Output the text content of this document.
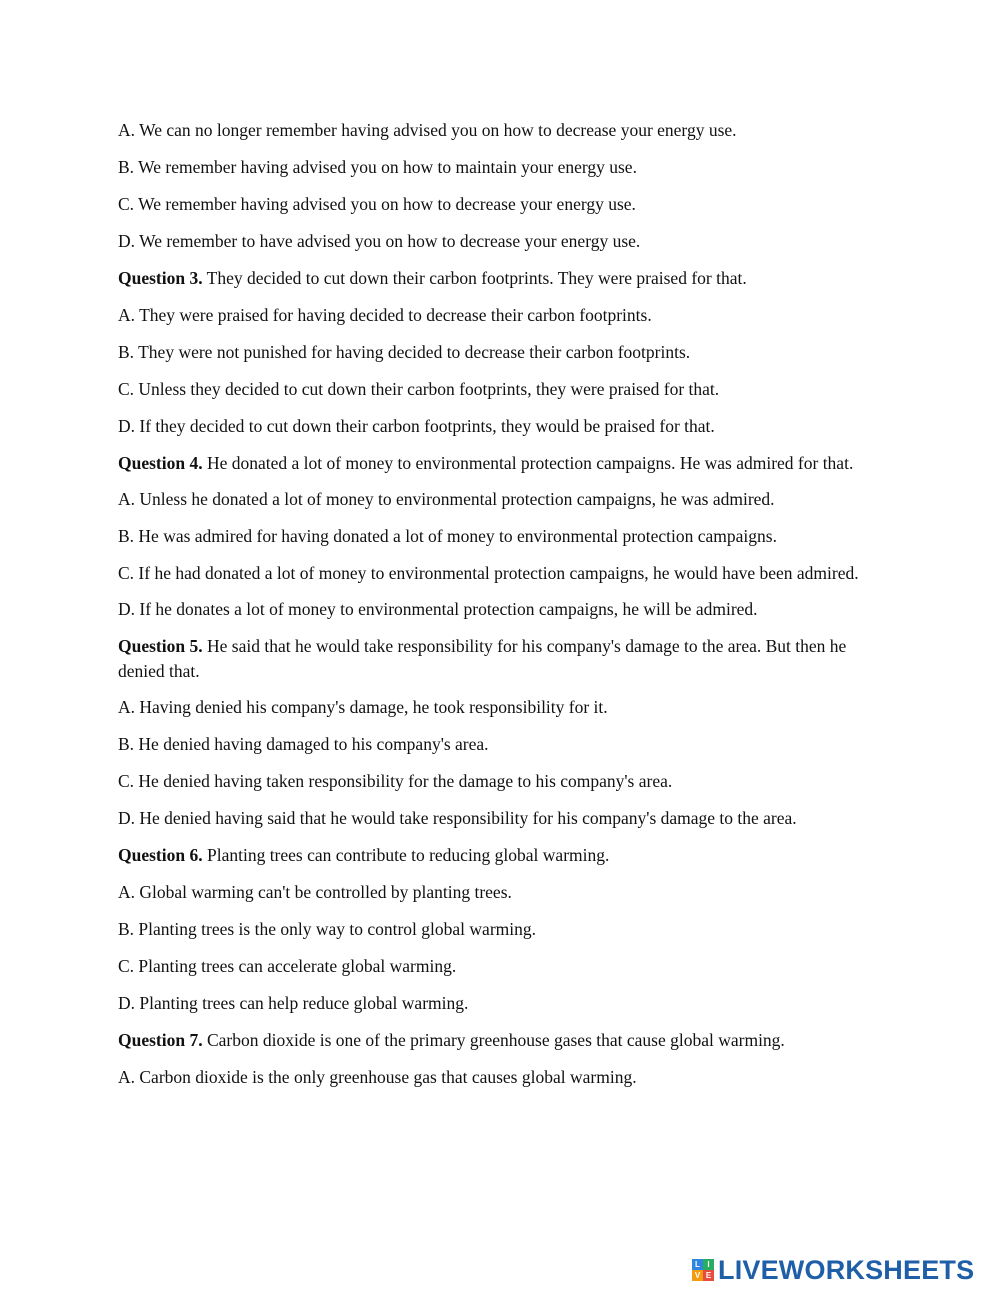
A. We can no longer remember having advised you on how to decrease your energy use.

B. We remember having advised you on how to maintain your energy use.

C. We remember having advised you on how to decrease your energy use.

D. We remember to have advised you on how to decrease your energy use.

Question 3. They decided to cut down their carbon footprints. They were praised for that.

A. They were praised for having decided to decrease their carbon footprints.

B. They were not punished for having decided to decrease their carbon footprints.

C. Unless they decided to cut down their carbon footprints, they were praised for that.

D. If they decided to cut down their carbon footprints, they would be praised for that.

Question 4. He donated a lot of money to environmental protection campaigns. He was admired for that.

A. Unless he donated a lot of money to environmental protection campaigns, he was admired.

B. He was admired for having donated a lot of money to environmental protection campaigns.

C. If he had donated a lot of money to environmental protection campaigns, he would have been admired.

D. If he donates a lot of money to environmental protection campaigns, he will be admired.

Question 5. He said that he would take responsibility for his company's damage to the area. But then he denied that.

A. Having denied his company's damage, he took responsibility for it.

B. He denied having damaged to his company's area.

C. He denied having taken responsibility for the damage to his company's area.

D. He denied having said that he would take responsibility for his company's damage to the area.

Question 6. Planting trees can contribute to reducing global warming.

A. Global warming can't be controlled by planting trees.

B. Planting trees is the only way to control global warming.

C. Planting trees can accelerate global warming.

D. Planting trees can help reduce global warming.

Question 7. Carbon dioxide is one of the primary greenhouse gases that cause global warming.

A. Carbon dioxide is the only greenhouse gas that causes global warming.

L I
V E LIVEWORKSHEETS
